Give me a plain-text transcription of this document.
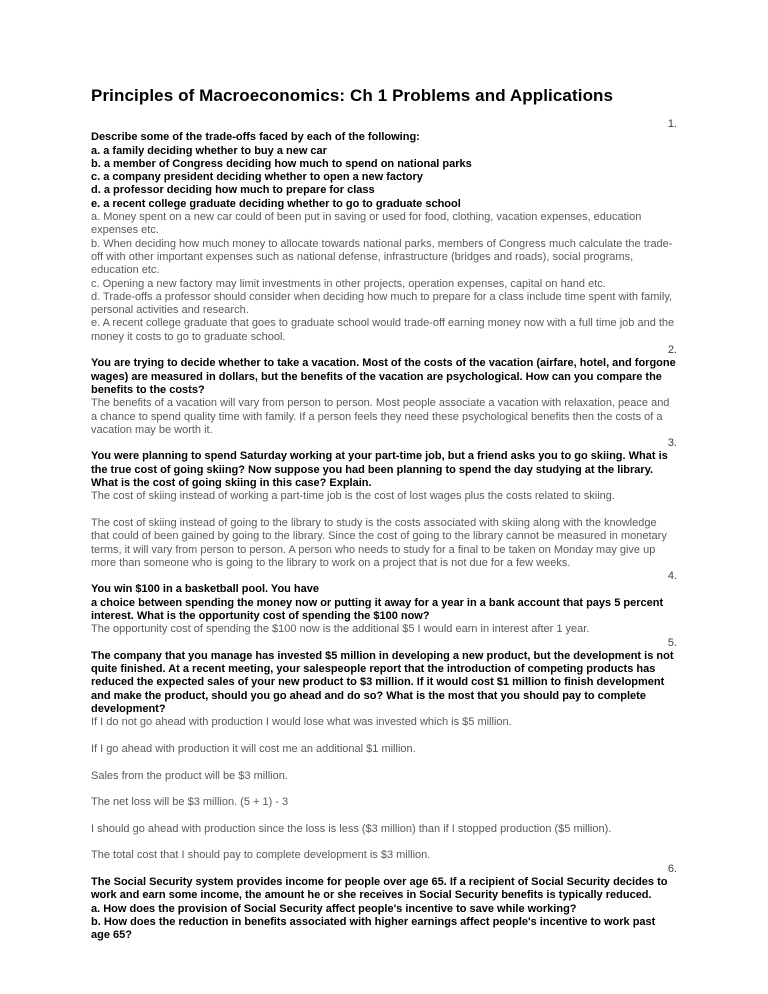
Principles of Macroeconomics: Ch 1 Problems and Applications

1.

Describe some of the trade-offs faced by each of the following:

a. a family deciding whether to buy a new car

b. a member of Congress deciding how much to spend on national parks

c. a company president deciding whether to open a new factory

d. a professor deciding how much to prepare for class

e. a recent college graduate deciding whether to go to graduate school

a. Money spent on a new car could of been put in saving or used for food, clothing, vacation expenses, education expenses etc.

b. When deciding how much money to allocate towards national parks, members of Congress much calculate the trade-off with other important expenses such as national defense, infrastructure (bridges and roads), social programs, education etc.

c. Opening a new factory may limit investments in other projects, operation expenses, capital on hand etc.

d. Trade-offs a professor should consider when deciding how much to prepare for a class include time spent with family, personal activities and research.

e. A recent college graduate that goes to graduate school would trade-off earning money now with a full time job and the money it costs to go to graduate school.

2.

You are trying to decide whether to take a vacation. Most of the costs of the vacation (airfare, hotel, and forgone wages) are measured in dollars, but the benefits of the vacation are psychological. How can you compare the benefits to the costs?

The benefits of a vacation will vary from person to person. Most people associate a vacation with relaxation, peace and a chance to spend quality time with family. If a person feels they need these psychological benefits then the costs of a vacation may be worth it.

3.

You were planning to spend Saturday working at your part-time job, but a friend asks you to go skiing. What is the true cost of going skiing? Now suppose you had been planning to spend the day studying at the library. What is the cost of going skiing in this case? Explain.

The cost of skiing instead of working a part-time job is the cost of lost wages plus the costs related to skiing.

The cost of skiing instead of going to the library to study is the costs associated with skiing along with the knowledge that could of been gained by going to the library. Since the cost of going to the library cannot be measured in monetary terms, it will vary from person to person. A person who needs to study for a final to be taken on Monday may give up more than someone who is going to the library to work on a project that is not due for a few weeks.

4.

You win $100 in a basketball pool. You have

a choice between spending the money now or putting it away for a year in a bank account that pays 5 percent interest. What is the opportunity cost of spending the $100 now?

The opportunity cost of spending the $100 now is the additional $5 I would earn in interest after 1 year.

5.

The company that you manage has invested $5 million in developing a new product, but the development is not quite finished. At a recent meeting, your salespeople report that the introduction of competing products has reduced the expected sales of your new product to $3 million. If it would cost $1 million to finish development and make the product, should you go ahead and do so? What is the most that you should pay to complete development?

If I do not go ahead with production I would lose what was invested which is $5 million.

If I go ahead with production it will cost me an additional $1 million.

Sales from the product will be $3 million.

The net loss will be $3 million. (5 + 1) - 3

I should go ahead with production since the loss is less ($3 million) than if I stopped production ($5 million).

The total cost that I should pay to complete development is $3 million.

6.

The Social Security system provides income for people over age 65. If a recipient of Social Security decides to work and earn some income, the amount he or she receives in Social Security benefits is typically reduced.

a. How does the provision of Social Security affect people's incentive to save while working?

b. How does the reduction in benefits associated with higher earnings affect people's incentive to work past age 65?
